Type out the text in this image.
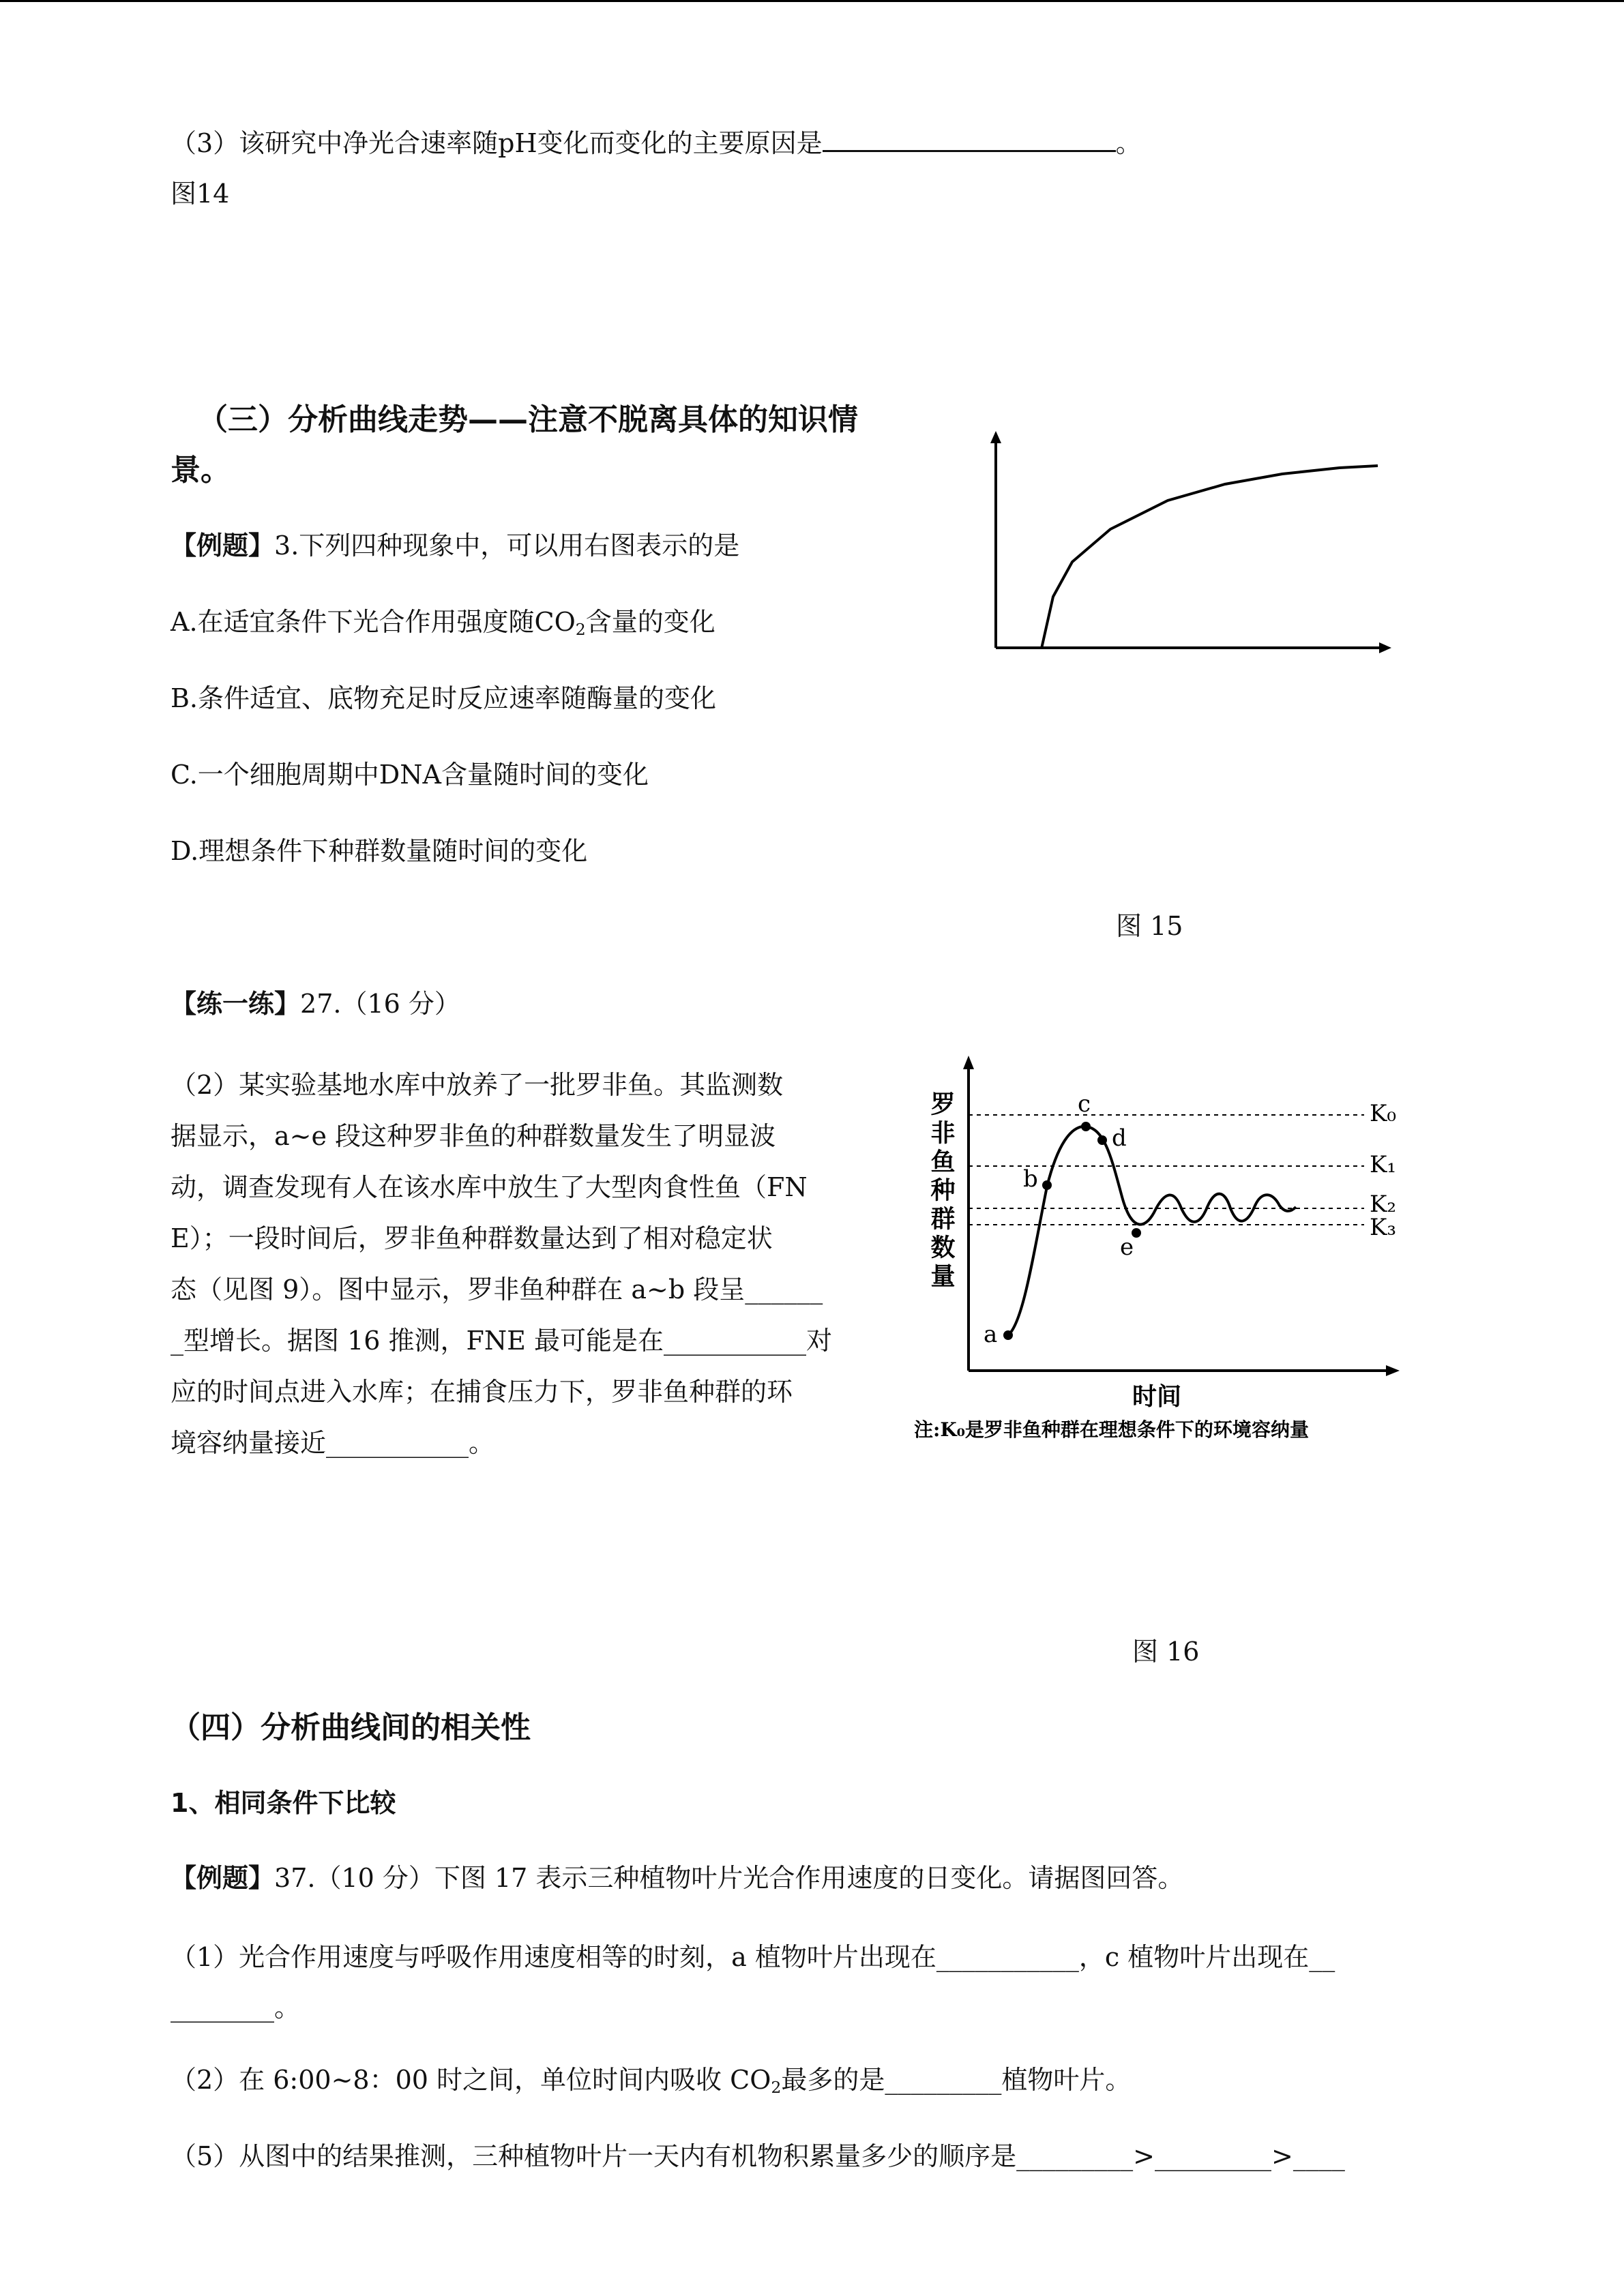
（3）该研究中净光合速率随pH变化而变化的主要原因是	。
图14
（三）分析曲线走势——注意不脱离具体的知识情
景。
【例题】3.下列四种现象中，可以用右图表示的是
A.在适宜条件下光合作用强度随$CO_2$含量的变化
B.条件适宜、底物充足时反应速率随酶量的变化
C.一个细胞周期中DNA含量随时间的变化
D.理想条件下种群数量随时间的变化
图 15
【练一练】27.（16 分）
（2）某实验基地水库中放养了一批罗非鱼。其监测数
据显示，a~e 段这种罗非鱼的种群数量发生了明显波
动，调查发现有人在该水库中放生了大型肉食性鱼（FN
E）；一段时间后，罗非鱼种群数量达到了相对稳定状
态（见图 9）。图中显示，罗非鱼种群在 a~b 段呈______
_型增长。据图 16 推测，FNE 最可能是在___________对
应的时间点进入水库；在捕食压力下，罗非鱼种群的环
境容纳量接近___________。
K₀
K₁
K₂
K₃
a
b
c
d
e
罗非鱼种群数量
时间
注:K₀是罗非鱼种群在理想条件下的环境容纳量
图 16
（四）分析曲线间的相关性
1、相同条件下比较
【例题】37.（10 分）下图 17 表示三种植物叶片光合作用速度的日变化。请据图回答。
（1）光合作用速度与呼吸作用速度相等的时刻，a 植物叶片出现在___________，c 植物叶片出现在__
________。
（2）在 6:00~8：00 时之间，单位时间内吸收 $CO_2$最多的是_________植物叶片。
（5）从图中的结果推测，三种植物叶片一天内有机物积累量多少的顺序是_________>_________>____
